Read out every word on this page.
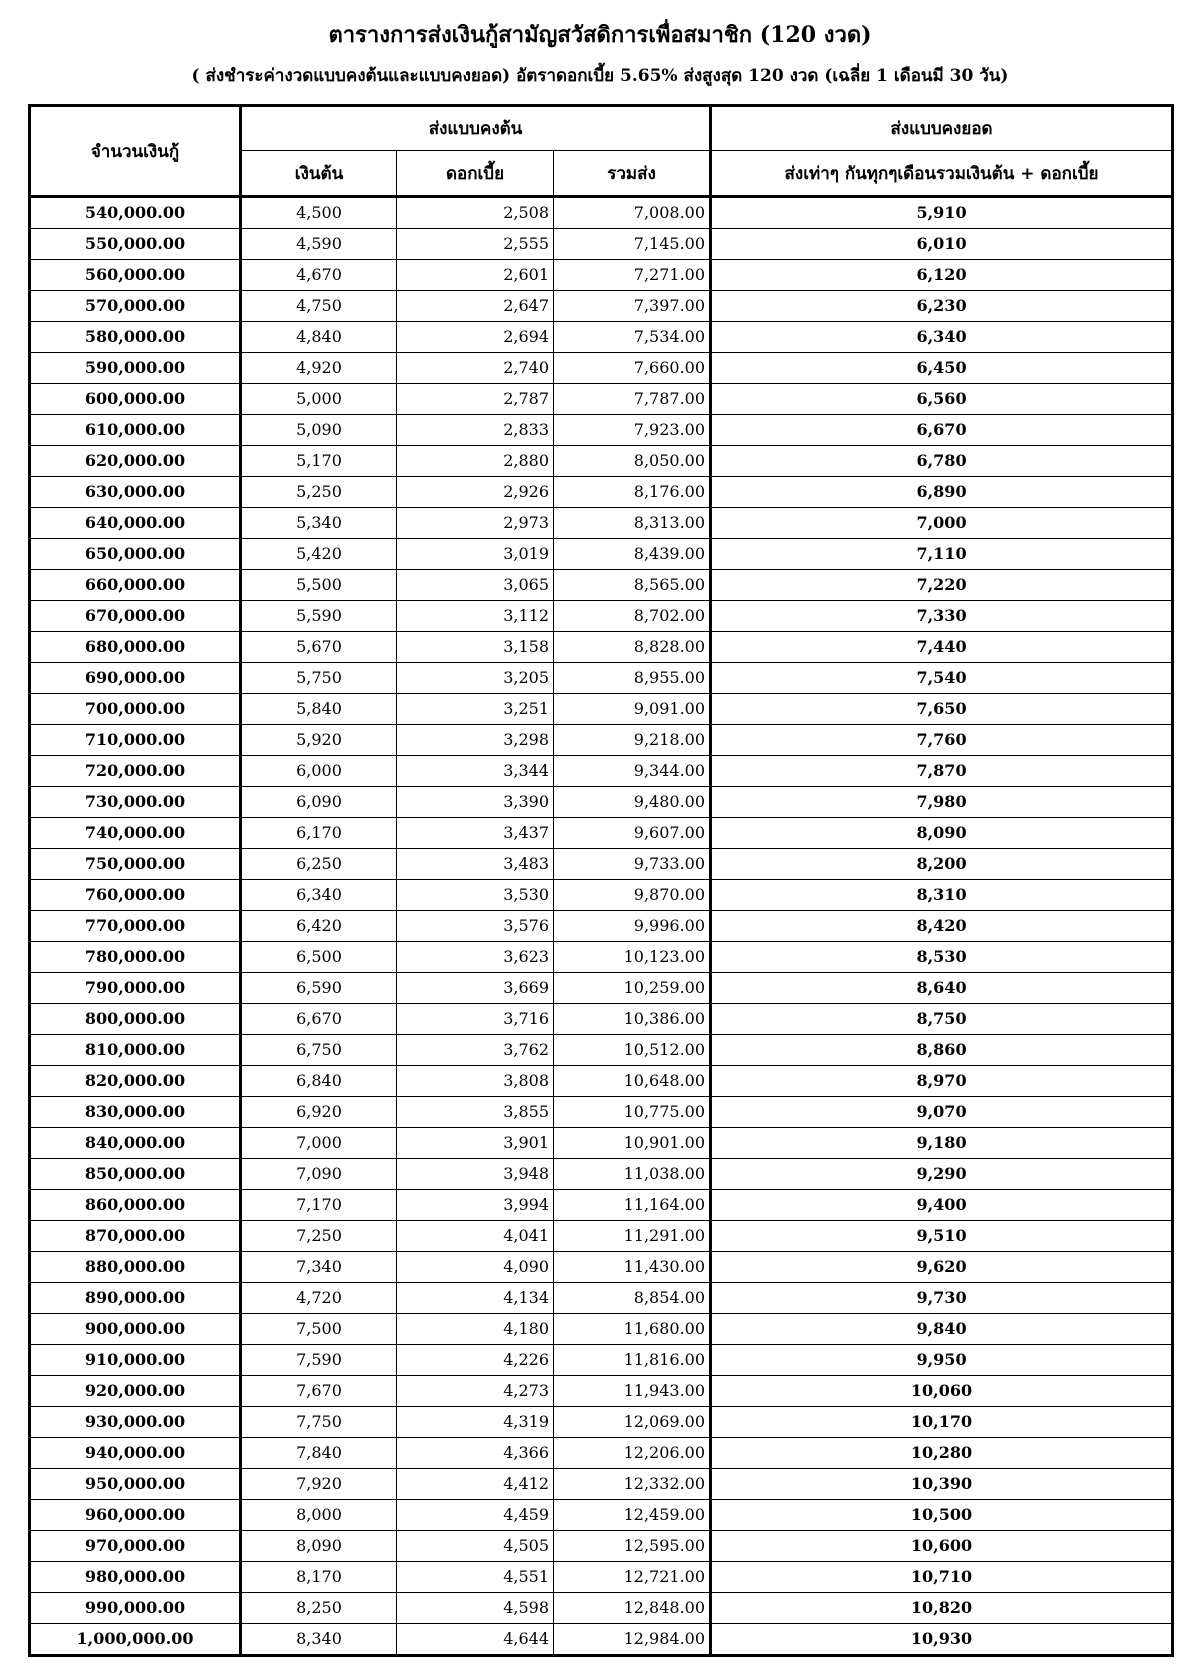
ตารางการส่งเงินกู้สามัญสวัสดิการเพื่อสมาชิก (120 งวด)
( ส่งชำระค่างวดแบบคงต้นและแบบคงยอด) อัตราดอกเบี้ย 5.65% ส่งสูงสุด 120 งวด (เฉลี่ย 1 เดือนมี 30 วัน)
จำนวนเงินกู้	ส่งแบบคงต้น			ส่งแบบคงยอด
	เงินต้น	ดอกเบี้ย	รวมส่ง	ส่งเท่าๆ กันทุกๆเดือนรวมเงินต้น + ดอกเบี้ย
540,000.00	4,500	2,508	7,008.00	5,910
550,000.00	4,590	2,555	7,145.00	6,010
560,000.00	4,670	2,601	7,271.00	6,120
570,000.00	4,750	2,647	7,397.00	6,230
580,000.00	4,840	2,694	7,534.00	6,340
590,000.00	4,920	2,740	7,660.00	6,450
600,000.00	5,000	2,787	7,787.00	6,560
610,000.00	5,090	2,833	7,923.00	6,670
620,000.00	5,170	2,880	8,050.00	6,780
630,000.00	5,250	2,926	8,176.00	6,890
640,000.00	5,340	2,973	8,313.00	7,000
650,000.00	5,420	3,019	8,439.00	7,110
660,000.00	5,500	3,065	8,565.00	7,220
670,000.00	5,590	3,112	8,702.00	7,330
680,000.00	5,670	3,158	8,828.00	7,440
690,000.00	5,750	3,205	8,955.00	7,540
700,000.00	5,840	3,251	9,091.00	7,650
710,000.00	5,920	3,298	9,218.00	7,760
720,000.00	6,000	3,344	9,344.00	7,870
730,000.00	6,090	3,390	9,480.00	7,980
740,000.00	6,170	3,437	9,607.00	8,090
750,000.00	6,250	3,483	9,733.00	8,200
760,000.00	6,340	3,530	9,870.00	8,310
770,000.00	6,420	3,576	9,996.00	8,420
780,000.00	6,500	3,623	10,123.00	8,530
790,000.00	6,590	3,669	10,259.00	8,640
800,000.00	6,670	3,716	10,386.00	8,750
810,000.00	6,750	3,762	10,512.00	8,860
820,000.00	6,840	3,808	10,648.00	8,970
830,000.00	6,920	3,855	10,775.00	9,070
840,000.00	7,000	3,901	10,901.00	9,180
850,000.00	7,090	3,948	11,038.00	9,290
860,000.00	7,170	3,994	11,164.00	9,400
870,000.00	7,250	4,041	11,291.00	9,510
880,000.00	7,340	4,090	11,430.00	9,620
890,000.00	4,720	4,134	8,854.00	9,730
900,000.00	7,500	4,180	11,680.00	9,840
910,000.00	7,590	4,226	11,816.00	9,950
920,000.00	7,670	4,273	11,943.00	10,060
930,000.00	7,750	4,319	12,069.00	10,170
940,000.00	7,840	4,366	12,206.00	10,280
950,000.00	7,920	4,412	12,332.00	10,390
960,000.00	8,000	4,459	12,459.00	10,500
970,000.00	8,090	4,505	12,595.00	10,600
980,000.00	8,170	4,551	12,721.00	10,710
990,000.00	8,250	4,598	12,848.00	10,820
1,000,000.00	8,340	4,644	12,984.00	10,930
